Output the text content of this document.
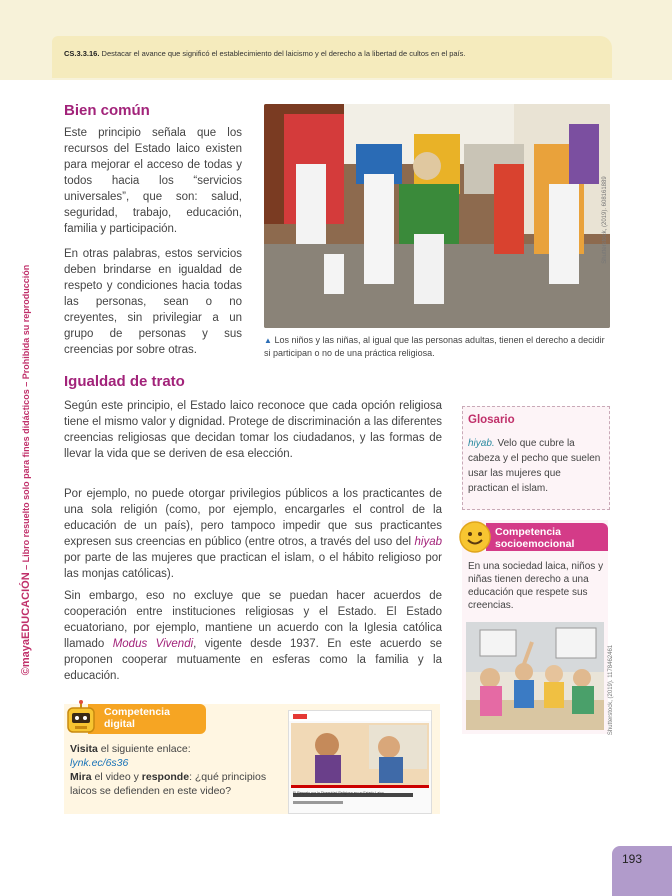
CS.3.3.16. Destacar el avance que significó el establecimiento del laicismo y el derecho a la libertad de cultos en el país.
©mayaEDUCACIÓN – Libro resuelto solo para fines didácticos – Prohibida su reproducción
Bien común

Este principio señala que los recursos del Estado laico existen para mejorar el acceso de todas y todos hacia los “servicios universales”, que son: salud, seguridad, trabajo, educación, familia y participación.

En otras palabras, estos servicios deben brindarse en igualdad de respeto y condiciones hacia todas las personas, sean o no creyentes, sin privilegiar a un grupo de personas y sus creencias por sobre otras.

Shutterstock, (2019). 608161889
▲ Los niños y las niñas, al igual que las personas adultas, tienen el derecho a decidir si participan o no de una práctica religiosa.
Igualdad de trato

Según este principio, el Estado laico reconoce que cada opción religiosa tiene el mismo valor y dignidad. Protege de discriminación a las diferentes creencias religiosas que decidan tomar los ciudadanos, y las formas de llevar la vida que se deriven de esa elección.

Por ejemplo, no puede otorgar privilegios públicos a los practicantes de una sola religión (como, por ejemplo, encargarles el control de la educación de un país), pero tampoco impedir que sus practicantes expresen sus creencias en público (entre otros, a través del uso del hiyab por parte de las mujeres que practican el islam, o el hábito religioso por las monjas católicas).

Sin embargo, eso no excluye que se puedan hacer acuerdos de cooperación entre instituciones religiosas y el Estado. El Estado ecuatoriano, por ejemplo, mantiene un acuerdo con la Iglesia católica llamado Modus Vivendi, vigente desde 1937. En este acuerdo se proponen cooperar mutuamente en esferas como la familia y la educación.

Glosario
hiyab. Velo que cubre la cabeza y el pecho que suelen usar las mujeres que practican el islam.
Competencia
socioemocional
En una sociedad laica, niños y niñas tienen derecho a una educación que respete sus creencias.
Shutterstock, (2019). 1178462461
Competencia
digital
Visita el siguiente enlace:
lynk.ec/6s36
Mira el video y responde: ¿qué principios laicos se defienden en este video?	El Respeto por la Diversidad Religiosa en un Estado Laico
193
